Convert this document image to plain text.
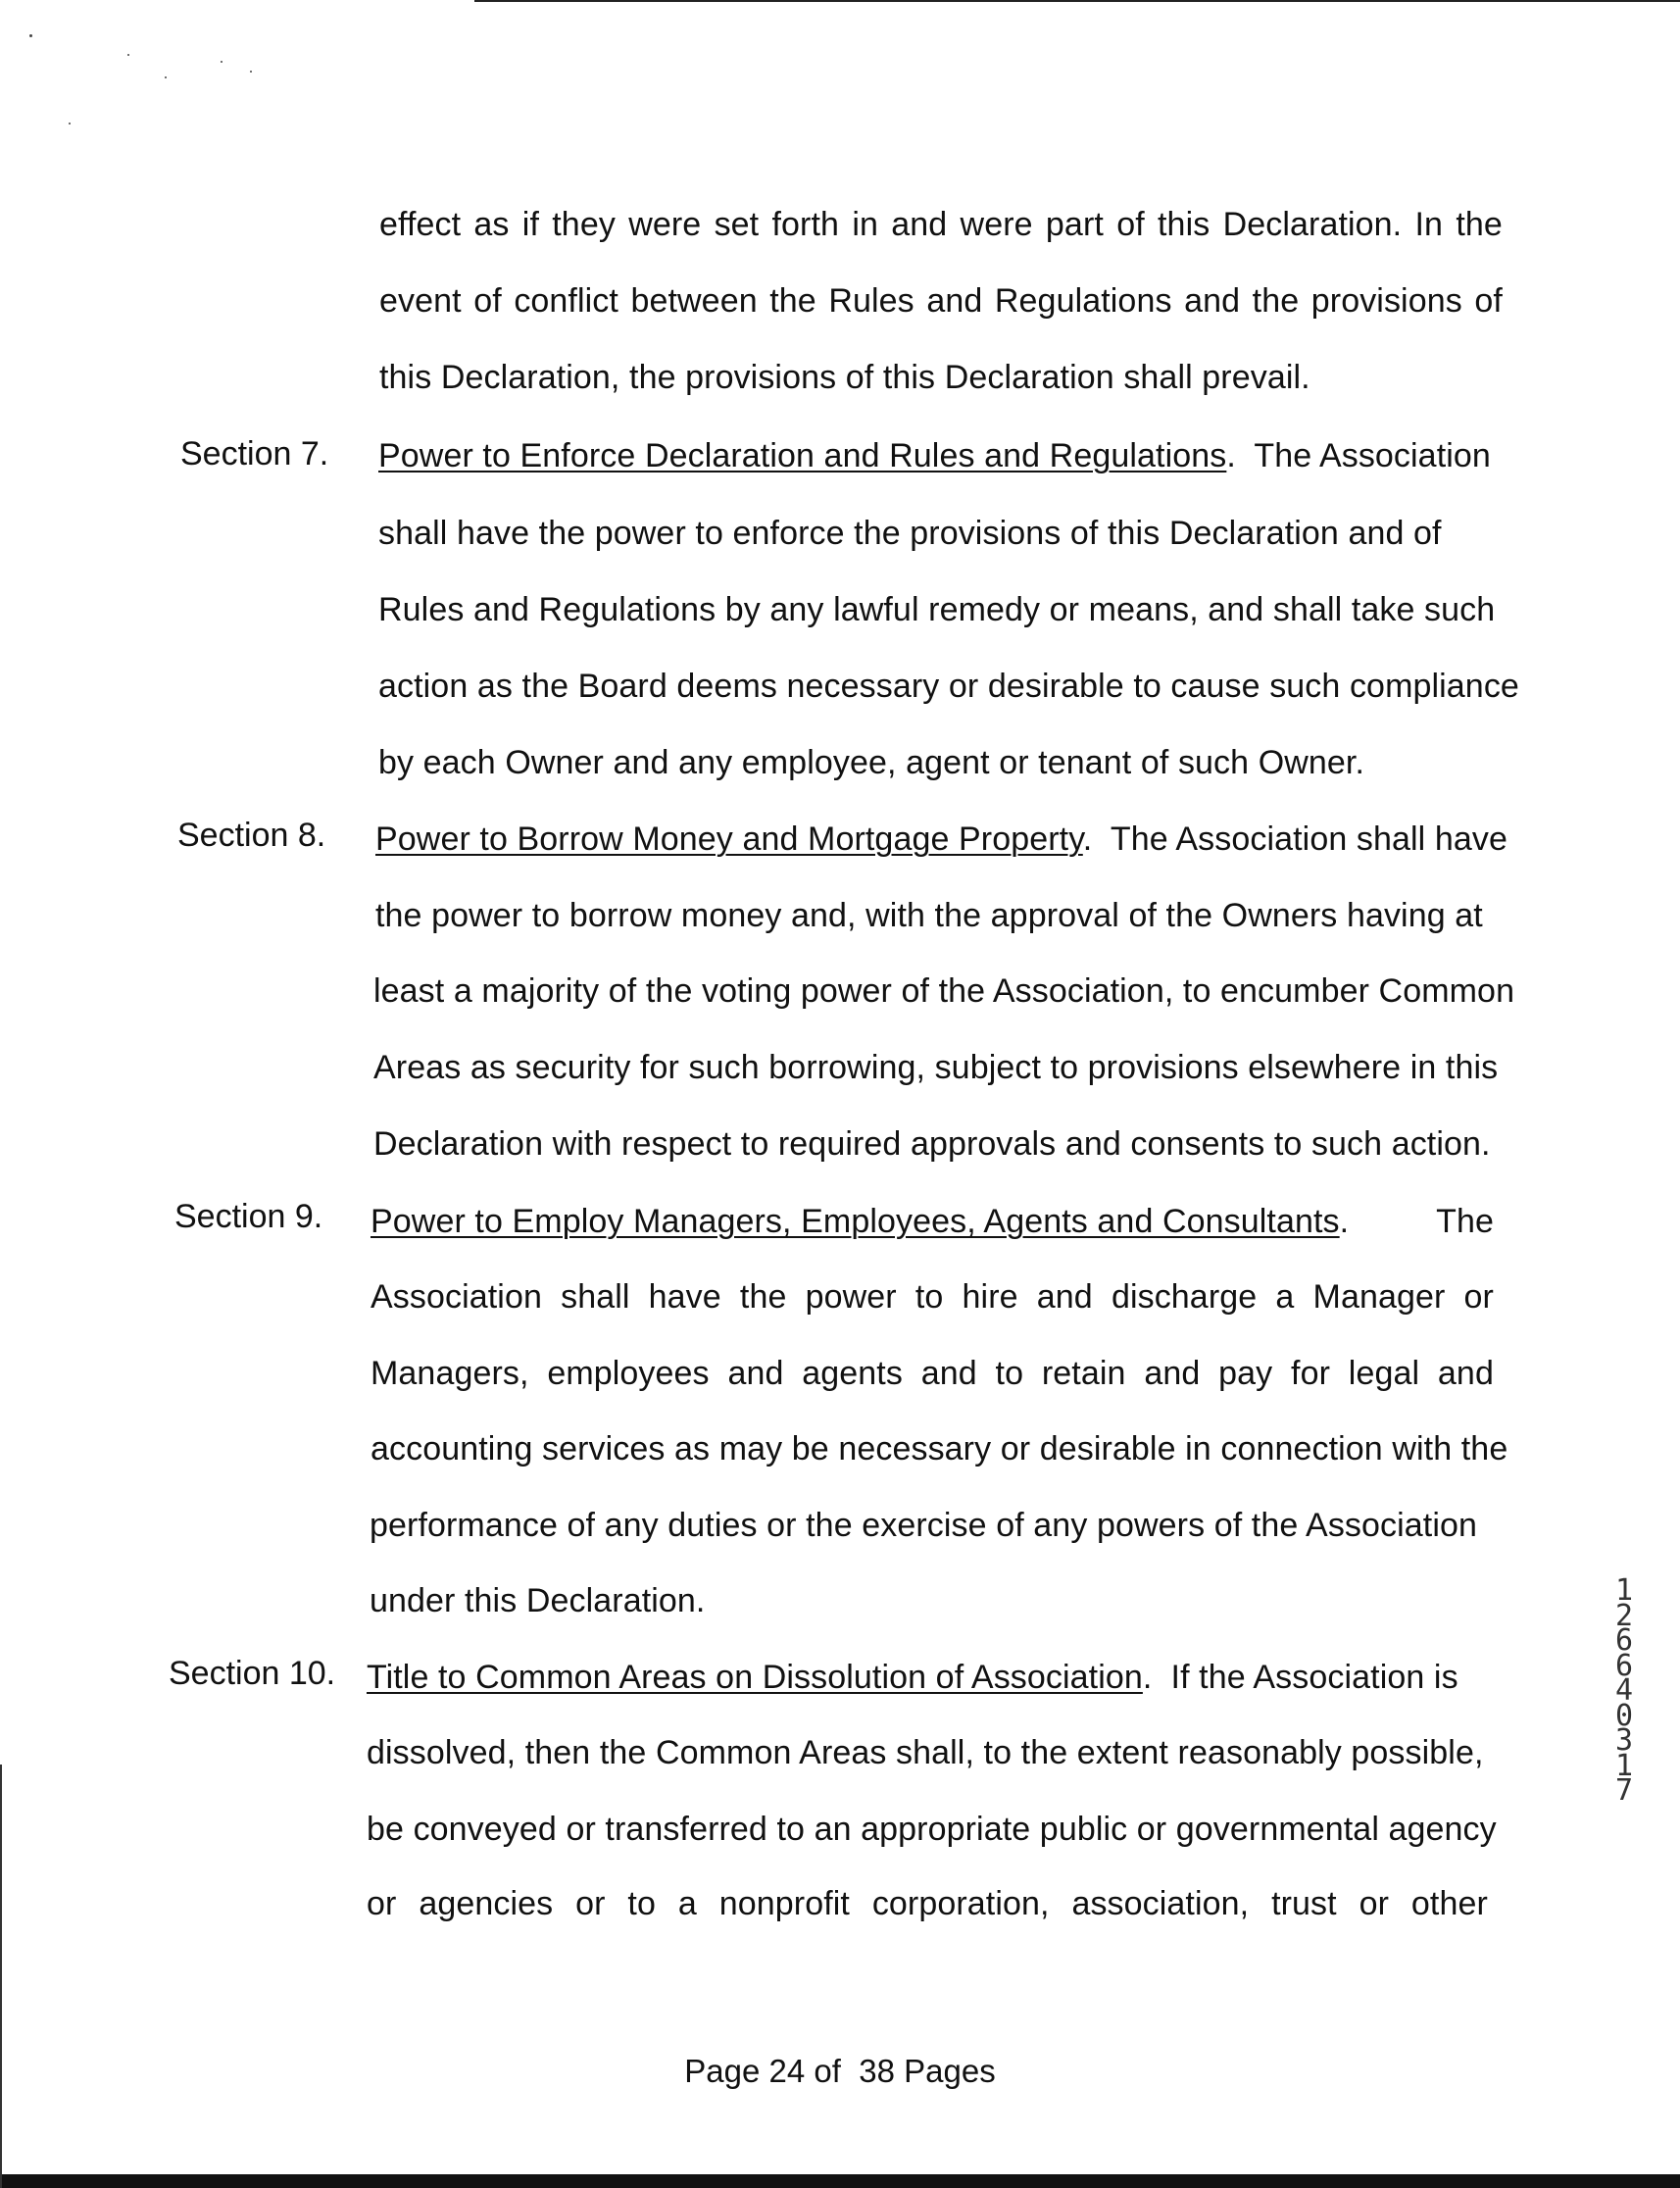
effect as if they were set forth in and were part of this Declaration. In the
event of conflict between the Rules and Regulations and the provisions of
this Declaration, the provisions of this Declaration shall prevail.
Section 7. Power to Enforce Declaration and Rules and Regulations.  The Association
shall have the power to enforce the provisions of this Declaration and of
Rules and Regulations by any lawful remedy or means, and shall take such
action as the Board deems necessary or desirable to cause such compliance
by each Owner and any employee, agent or tenant of such Owner.
Section 8. Power to Borrow Money and Mortgage Property.  The Association shall have
the power to borrow money and, with the approval of the Owners having at
least a majority of the voting power of the Association, to encumber Common
Areas as security for such borrowing, subject to provisions elsewhere in this
Declaration with respect to required approvals and consents to such action.
Section 9. Power to Employ Managers, Employees, Agents and Consultants.	The
Association shall have the power to hire and discharge a Manager or
Managers, employees and agents and to retain and pay for legal and
accounting services as may be necessary or desirable in connection with the
performance of any duties or the exercise of any powers of the Association
under this Declaration.
Section 10. Title to Common Areas on Dissolution of Association.  If the Association is
dissolved, then the Common Areas shall, to the extent reasonably possible,
be conveyed or transferred to an appropriate public or governmental agency
or agencies or to a nonprofit corporation, association, trust or other
12664 0317
Page 24 of  38 Pages
